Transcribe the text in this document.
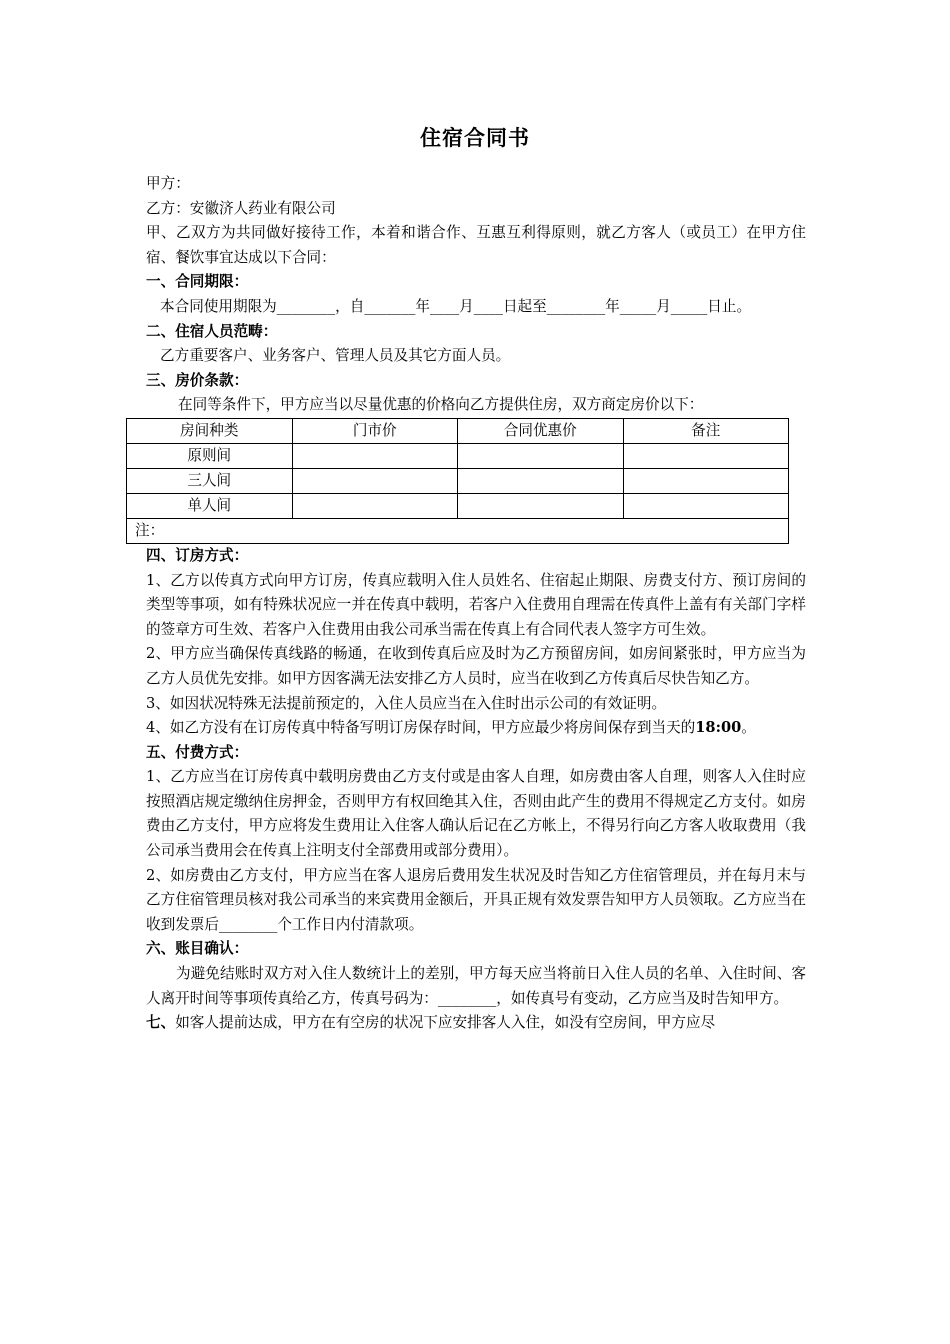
住宿合同书

甲方：

乙方：安徽济人药业有限公司

甲、乙双方为共同做好接待工作，本着和谐合作、互惠互利得原则，就乙方客人（或员工）在甲方住宿、餐饮事宜达成以下合同：

一、合同期限：

本合同使用期限为________，自_______年____月____日起至________年_____月_____日止。

二、住宿人员范畴：

乙方重要客户、业务客户、管理人员及其它方面人员。

三、房价条款：

在同等条件下，甲方应当以尽量优惠的价格向乙方提供住房，双方商定房价以下：

房间种类	门市价	合同优惠价	备注
原则间			
三人间			
单人间			
注：			

四、订房方式：

1、乙方以传真方式向甲方订房，传真应载明入住人员姓名、住宿起止期限、房费支付方、预订房间的类型等事项，如有特殊状况应一并在传真中载明，若客户入住费用自理需在传真件上盖有有关部门字样的签章方可生效、若客户入住费用由我公司承当需在传真上有合同代表人签字方可生效。

2、甲方应当确保传真线路的畅通，在收到传真后应及时为乙方预留房间，如房间紧张时，甲方应当为乙方人员优先安排。如甲方因客满无法安排乙方人员时，应当在收到乙方传真后尽快告知乙方。

3、如因状况特殊无法提前预定的，入住人员应当在入住时出示公司的有效证明。

4、如乙方没有在订房传真中特备写明订房保存时间，甲方应最少将房间保存到当天的18:00。

五、付费方式：

1、乙方应当在订房传真中载明房费由乙方支付或是由客人自理，如房费由客人自理，则客人入住时应按照酒店规定缴纳住房押金，否则甲方有权回绝其入住，否则由此产生的费用不得规定乙方支付。如房费由乙方支付，甲方应将发生费用让入住客人确认后记在乙方帐上，不得另行向乙方客人收取费用（我公司承当费用会在传真上注明支付全部费用或部分费用）。

2、如房费由乙方支付，甲方应当在客人退房后费用发生状况及时告知乙方住宿管理员，并在每月末与乙方住宿管理员核对我公司承当的来宾费用金额后，开具正规有效发票告知甲方人员领取。乙方应当在收到发票后________个工作日内付清款项。

六、账目确认：

为避免结账时双方对入住人数统计上的差别，甲方每天应当将前日入住人员的名单、入住时间、客人离开时间等事项传真给乙方，传真号码为：________，如传真号有变动，乙方应当及时告知甲方。

七、如客人提前达成，甲方在有空房的状况下应安排客人入住，如没有空房间，甲方应尽
